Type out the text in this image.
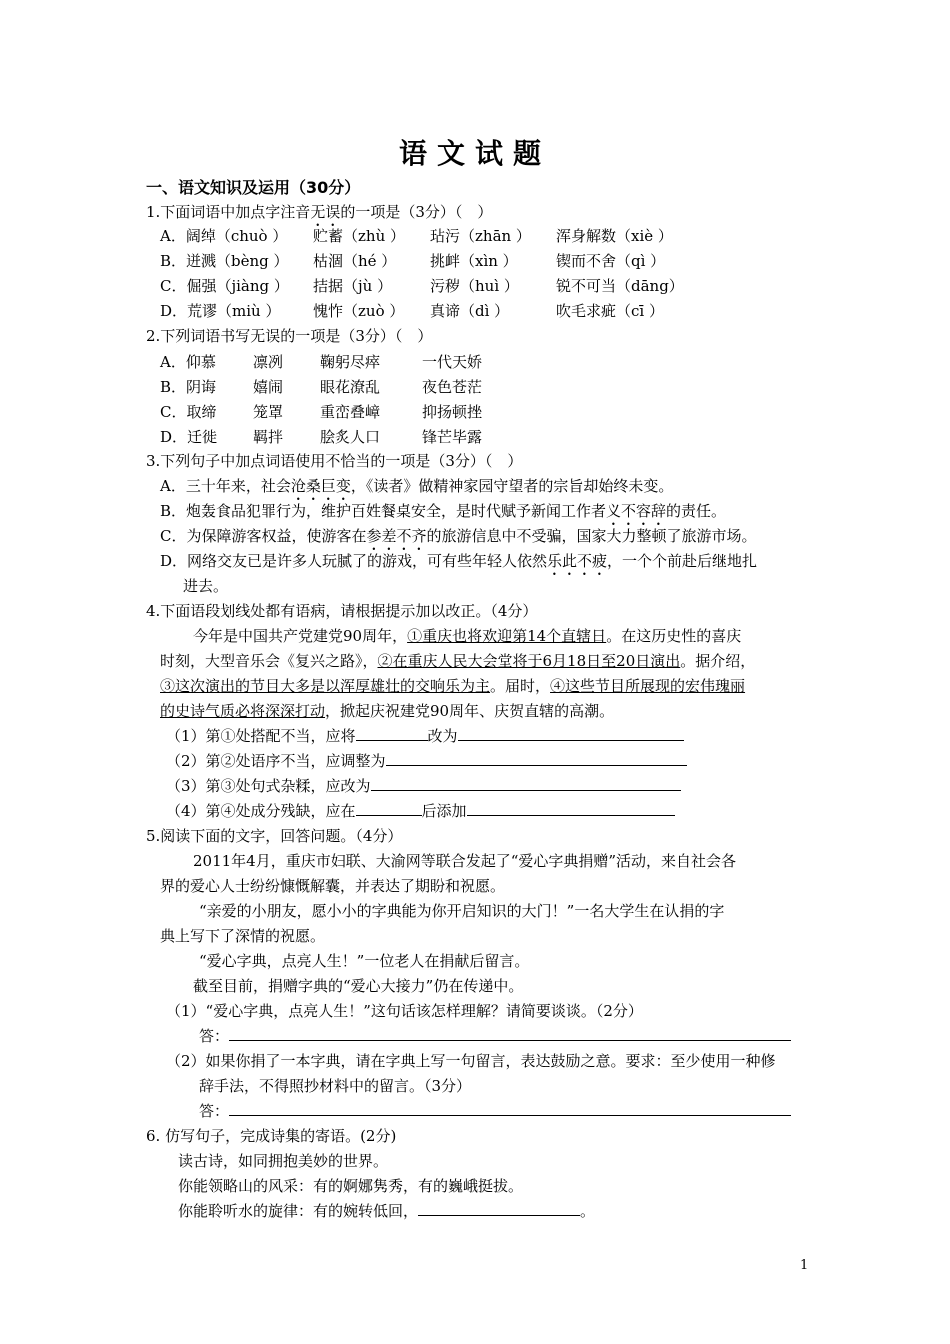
语文试题
一、语文知识及运用（30分）
1.下面词语中加点字注音无误的一项是（3分）（　）
A．阔绰（chuò ） 贮蓄（zhù ） 玷污（zhān ） 浑身解数（xiè ）
B．迸溅（bèng ） 枯涸（hé ） 挑衅（xìn ）	锲而不舍（qì ）
C．倔强（jiàng ） 拮据（jù ）	污秽（huì ） 锐不可当（dāng）
D．荒谬（miù ） 愧怍（zuò ） 真谛（dì ）	吹毛求疵（cī ）
2.下列词语书写无误的一项是（3分）（　）
A．仰慕 凛冽 鞠躬尽瘁	一代天娇
B．阴诲 嬉闹 眼花潦乱	夜色苍茫
C．取缔 笼罩 重峦叠嶂	抑扬顿挫
D．迁徙 羁拌 脍炙人口	锋芒毕露
3.下列句子中加点词语使用不恰当的一项是（3分）（　）
A．三十年来，社会沧桑巨变，《读者》做精神家园守望者的宗旨却始终未变。
B．炮轰食品犯罪行为，维护百姓餐桌安全，是时代赋予新闻工作者义不容辞的责任。
C．为保障游客权益，使游客在参差不齐的旅游信息中不受骗，国家大力整顿了旅游市场。
D．网络交友已是许多人玩腻了的游戏，可有些年轻人依然乐此不疲，一个个前赴后继地扎
进去。
4.下面语段划线处都有语病，请根据提示加以改正。（4分）
今年是中国共产党建党90周年，①重庆也将欢迎第14个直辖日。在这历史性的喜庆
时刻，大型音乐会《复兴之路》，②在重庆人民大会堂将于6月18日至20日演出。据介绍，
③这次演出的节目大多是以浑厚雄壮的交响乐为主。届时，④这些节目所展现的宏伟瑰丽
的史诗气质必将深深打动，掀起庆祝建党90周年、庆贺直辖的高潮。
（1）第①处搭配不当，应将	改为
（2）第②处语序不当，应调整为
（3）第③处句式杂糅，应改为
（4）第④处成分残缺，应在	后添加
5.阅读下面的文字，回答问题。（4分）
2011年4月，重庆市妇联、大渝网等联合发起了“爱心字典捐赠”活动，来自社会各
界的爱心人士纷纷慷慨解囊，并表达了期盼和祝愿。
“亲爱的小朋友，愿小小的字典能为你开启知识的大门！”一名大学生在认捐的字
典上写下了深情的祝愿。
“爱心字典，点亮人生！”一位老人在捐献后留言。
截至目前，捐赠字典的“爱心大接力”仍在传递中。
（1）“爱心字典，点亮人生！”这句话该怎样理解？请简要谈谈。（2分）
答：
（2）如果你捐了一本字典，请在字典上写一句留言，表达鼓励之意。要求：至少使用一种修
辞手法，不得照抄材料中的留言。（3分）
答：
6. 仿写句子，完成诗集的寄语。(2分)
读古诗，如同拥抱美妙的世界。
你能领略山的风采：有的婀娜隽秀，有的巍峨挺拔。
你能聆听水的旋律：有的婉转低回，	。
1
